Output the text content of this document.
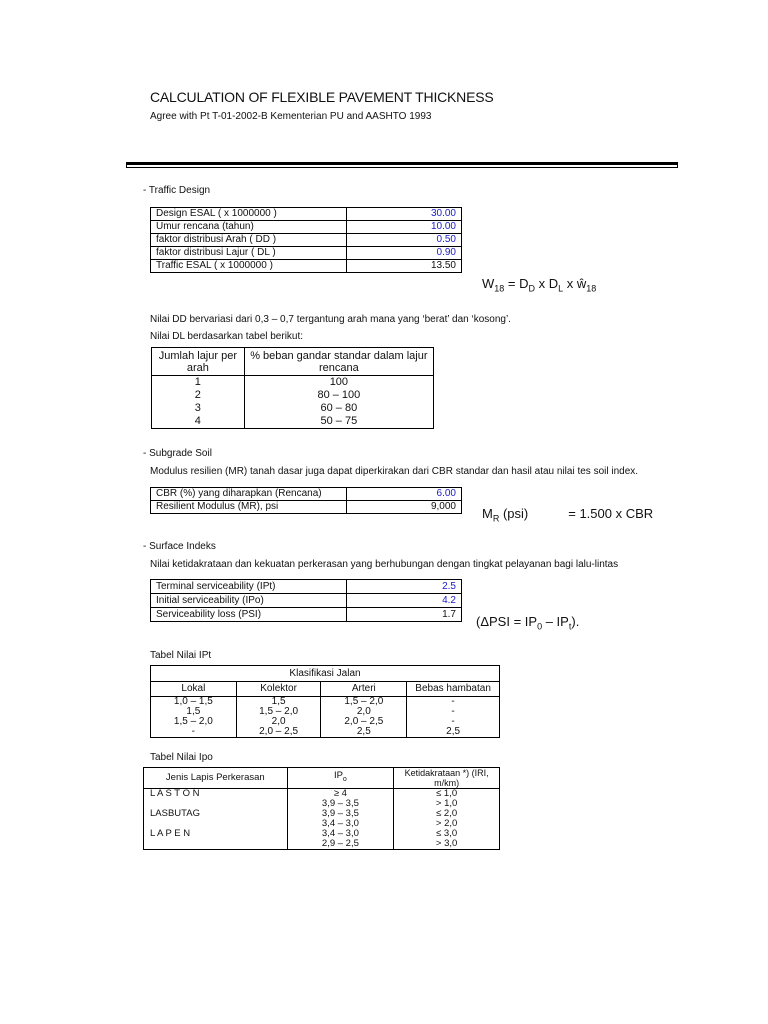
CALCULATION OF FLEXIBLE PAVEMENT THICKNESS
Agree with Pt T-01-2002-B Kementerian PU and AASHTO 1993
- Traffic Design
Design ESAL ( x 1000000 )	30.00
Umur rencana (tahun)	10.00
faktor distribusi Arah ( DD )	0.50
faktor distribusi Lajur ( DL )	0.90
Traffic ESAL ( x 1000000 )	13.50
$W_{18} = D_D$ x $D_L$ x $ŵ_{18}$
Nilai DD bervariasi dari 0,3 – 0,7 tergantung arah mana yang ‘berat’ dan ‘kosong’.
Nilai DL berdasarkan tabel berikut:
Jumlah lajur per arah	% beban gandar standar dalam lajur rencana
1	100
2	80 – 100
3	60 – 80
4	50 – 75
- Subgrade Soil
Modulus resilien (MR) tanah dasar juga dapat diperkirakan dari CBR standar dan hasil atau nilai tes soil index.
CBR (%) yang diharapkan (Rencana)	6.00
Resilient Modulus (MR), psi	9,000 $M_R$ (psi)	= 1.500 x CBR
- Surface Indeks
Nilai ketidakrataan dan kekuatan perkerasan yang berhubungan dengan tingkat pelayanan bagi lalu-lintas
Terminal serviceability (IPt)	2.5
Initial serviceability (IPo)	4.2
Serviceability loss (PSI)	1.7 $(\Delta PSI = IP_0 - IP_t)$.
Tabel Nilai IPt
Klasifikasi Jalan			
Lokal	Kolektor	Arteri	Bebas hambatan
1,0 – 1,5	1,5	1,5 – 2,0	-
1,5	1,5 – 2,0	2,0	-
1,5 – 2,0	2,0	2,0 – 2,5	-
-	2,0 – 2,5	2,5	2,5
Tabel Nilai Ipo
Jenis Lapis Perkerasan	$IP_o$	Ketidakrataan *) (IRI, m/km)
L A S T O N	≥ 4	≤ 1,0
	3,9 – 3,5	> 1,0
LASBUTAG	3,9 – 3,5	≤ 2,0
	3,4 – 3,0	> 2,0
L A P E N	3,4 – 3,0	≤ 3,0
	2,9 – 2,5	> 3,0
